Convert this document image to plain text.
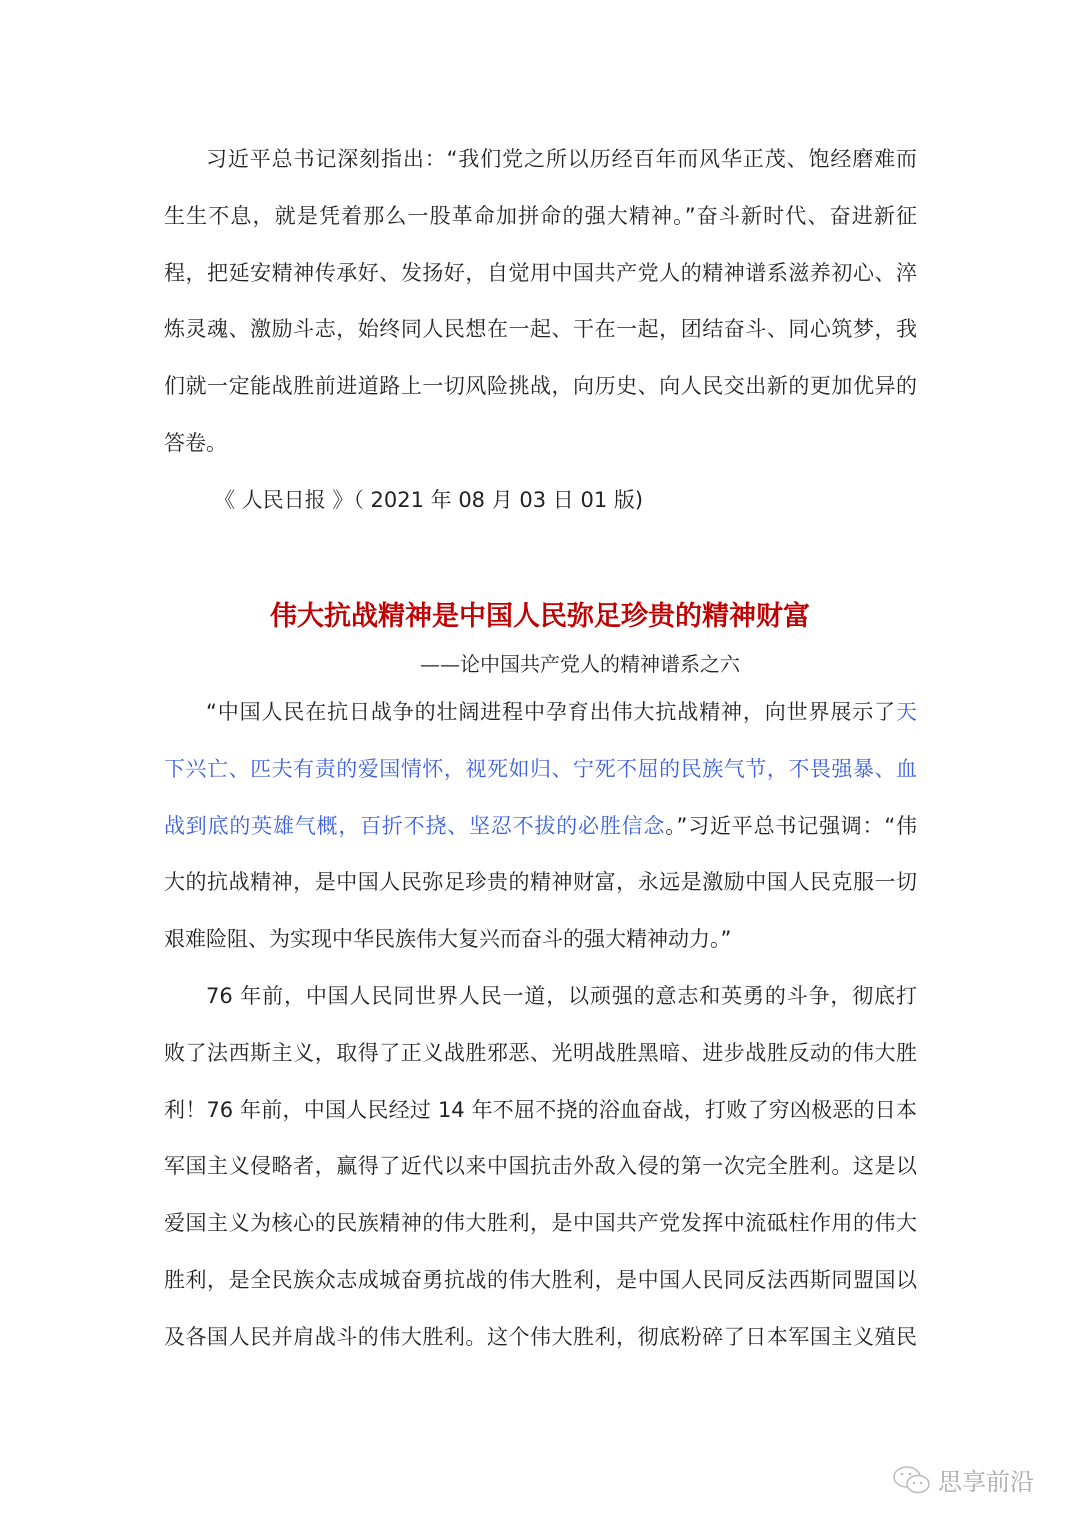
习近平总书记深刻指出：“我们党之所以历经百年而风华正茂、饱经磨难而
生生不息，就是凭着那么一股革命加拼命的强大精神。”奋斗新时代、奋进新征
程，把延安精神传承好、发扬好，自觉用中国共产党人的精神谱系滋养初心、淬
炼灵魂、激励斗志，始终同人民想在一起、干在一起，团结奋斗、同心筑梦，我
们就一定能战胜前进道路上一切风险挑战，向历史、向人民交出新的更加优异的
答卷。
《 人民日报 》（ 2021 年 08 月 03 日 01 版)
伟大抗战精神是中国人民弥足珍贵的精神财富
——论中国共产党人的精神谱系之六
“中国人民在抗日战争的壮阔进程中孕育出伟大抗战精神，向世界展示了天
下兴亡、匹夫有责的爱国情怀，视死如归、宁死不屈的民族气节，不畏强暴、血
战到底的英雄气概，百折不挠、坚忍不拔的必胜信念。”习近平总书记强调：“伟
大的抗战精神，是中国人民弥足珍贵的精神财富，永远是激励中国人民克服一切
艰难险阻、为实现中华民族伟大复兴而奋斗的强大精神动力。”
76 年前，中国人民同世界人民一道，以顽强的意志和英勇的斗争，彻底打
败了法西斯主义，取得了正义战胜邪恶、光明战胜黑暗、进步战胜反动的伟大胜
利！76 年前，中国人民经过 14 年不屈不挠的浴血奋战，打败了穷凶极恶的日本
军国主义侵略者，赢得了近代以来中国抗击外敌入侵的第一次完全胜利。这是以
爱国主义为核心的民族精神的伟大胜利，是中国共产党发挥中流砥柱作用的伟大
胜利，是全民族众志成城奋勇抗战的伟大胜利，是中国人民同反法西斯同盟国以
及各国人民并肩战斗的伟大胜利。这个伟大胜利，彻底粉碎了日本军国主义殖民
思享前沿
